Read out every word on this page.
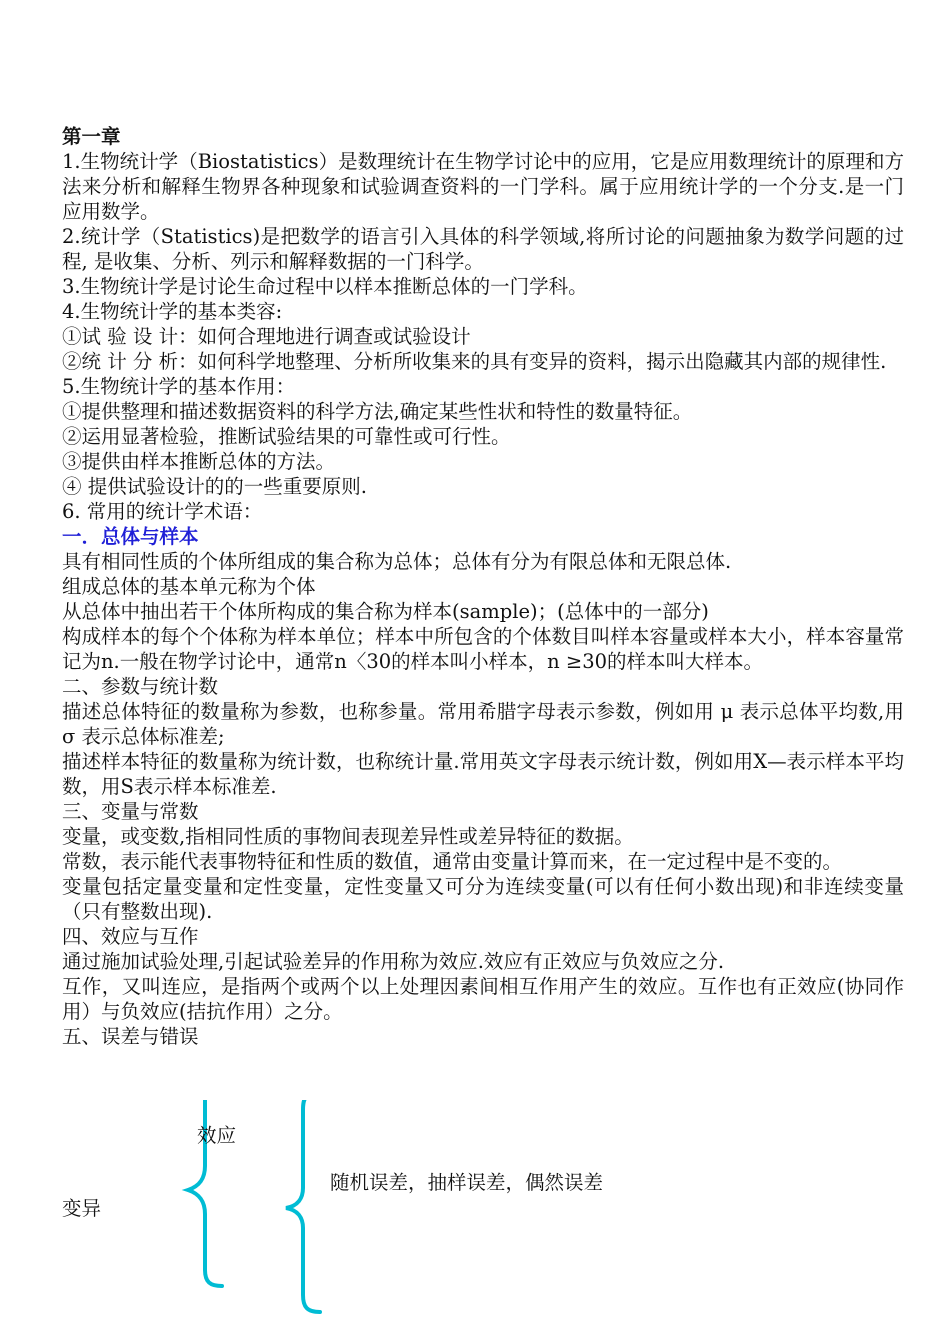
第一章

1.生物统计学（Biostatistics）是数理统计在生物学讨论中的应用，它是应用数理统计的原理和方法来分析和解释生物界各种现象和试验调查资料的一门学科。属于应用统计学的一个分支.是一门应用数学。

2.统计学（Statistics)是把数学的语言引入具体的科学领域,将所讨论的问题抽象为数学问题的过程, 是收集、分析、列示和解释数据的一门科学。

3.生物统计学是讨论生命过程中以样本推断总体的一门学科。

4.生物统计学的基本类容:

①试 验 设 计：如何合理地进行调查或试验设计

②统 计 分 析：如何科学地整理、分析所收集来的具有变异的资料，揭示出隐藏其内部的规律性.

5.生物统计学的基本作用：

①提供整理和描述数据资料的科学方法,确定某些性状和特性的数量特征。

②运用显著检验，推断试验结果的可靠性或可行性。

③提供由样本推断总体的方法。

④ 提供试验设计的的一些重要原则.

6. 常用的统计学术语：

一．总体与样本

具有相同性质的个体所组成的集合称为总体；总体有分为有限总体和无限总体.

组成总体的基本单元称为个体

从总体中抽出若干个体所构成的集合称为样本(sample)；(总体中的一部分)

构成样本的每个个体称为样本单位；样本中所包含的个体数目叫样本容量或样本大小，样本容量常记为n.一般在物学讨论中，通常n〈30的样本叫小样本，n ≥30的样本叫大样本。

二、参数与统计数

描述总体特征的数量称为参数，也称参量。常用希腊字母表示参数，例如用 μ 表示总体平均数,用 σ 表示总体标准差;

描述样本特征的数量称为统计数，也称统计量.常用英文字母表示统计数，例如用X—表示样本平均数，用S表示样本标准差.

三、变量与常数

变量，或变数,指相同性质的事物间表现差异性或差异特征的数据。

常数，表示能代表事物特征和性质的数值，通常由变量计算而来，在一定过程中是不变的。

变量包括定量变量和定性变量，定性变量又可分为连续变量(可以有任何小数出现)和非连续变量（只有整数出现).

四、效应与互作

通过施加试验处理,引起试验差异的作用称为效应.效应有正效应与负效应之分.

互作，又叫连应，是指两个或两个以上处理因素间相互作用产生的效应。互作也有正效应(协同作用）与负效应(拮抗作用）之分。

五、误差与错误

效应
随机误差，抽样误差，偶然误差
变异
